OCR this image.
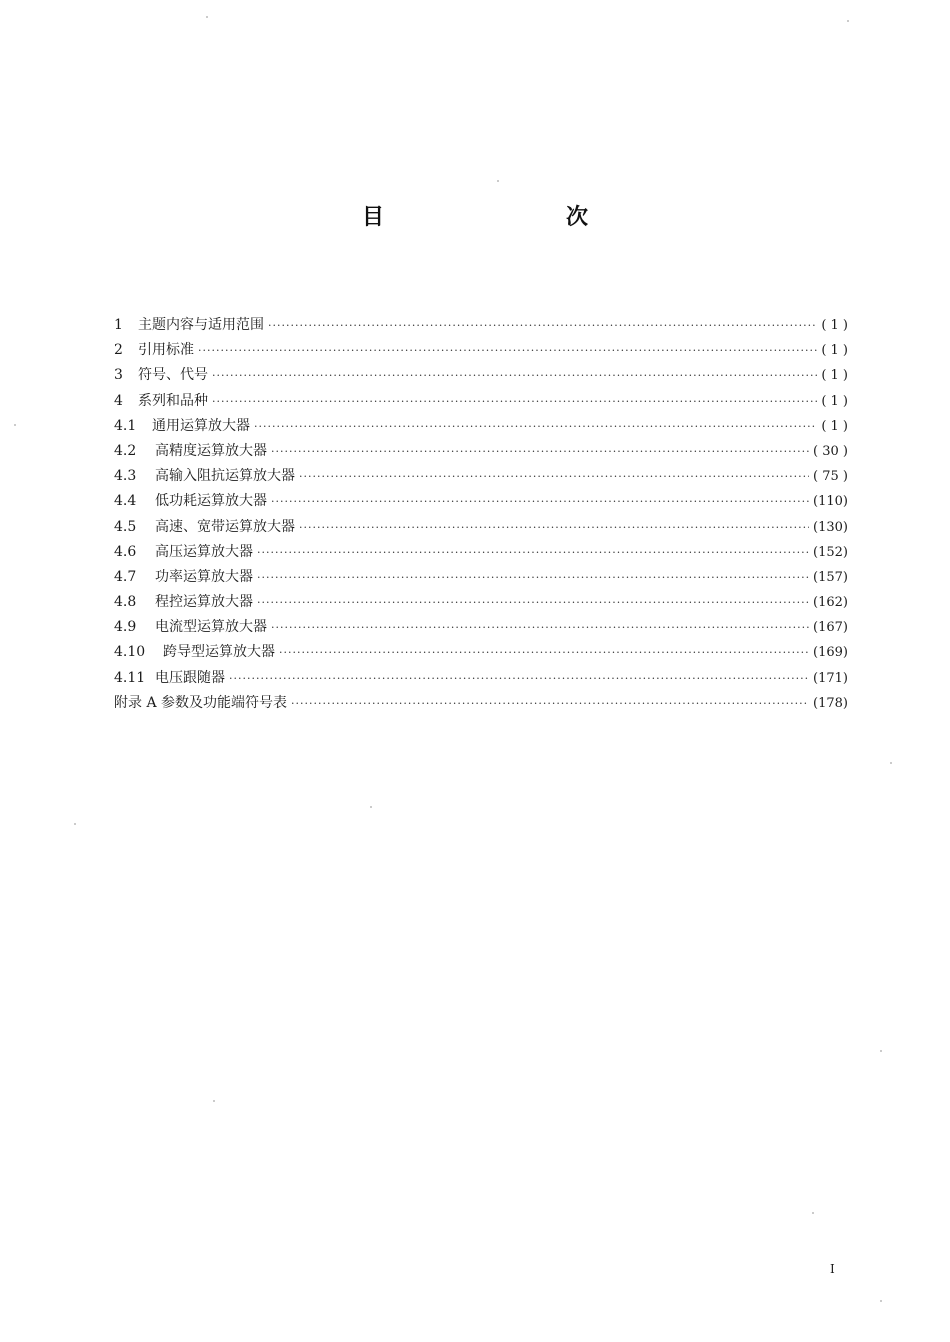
目　次
1	主题内容与适用范围 ·····	( 1 )
2	引用标准 ·····	( 1 )
3	符号、代号 ·····	( 1 )
4	系列和品种 ·····	( 1 )
4.1	通用运算放大器 ·····	( 1 )
4.2	高精度运算放大器 ·····	( 30 )
4.3	高输入阻抗运算放大器 ·····	( 75 )
4.4	低功耗运算放大器 ·····	(110)
4.5	高速、宽带运算放大器 ·····	(130)
4.6	高压运算放大器 ·····	(152)
4.7	功率运算放大器 ·····	(157)
4.8	程控运算放大器 ·····	(162)
4.9	电流型运算放大器 ·····	(167)
4.10	跨导型运算放大器 ·····	(169)
4.11 电压跟随器 ·····	(171)
附录 A 参数及功能端符号表 ·····	(178)
I
